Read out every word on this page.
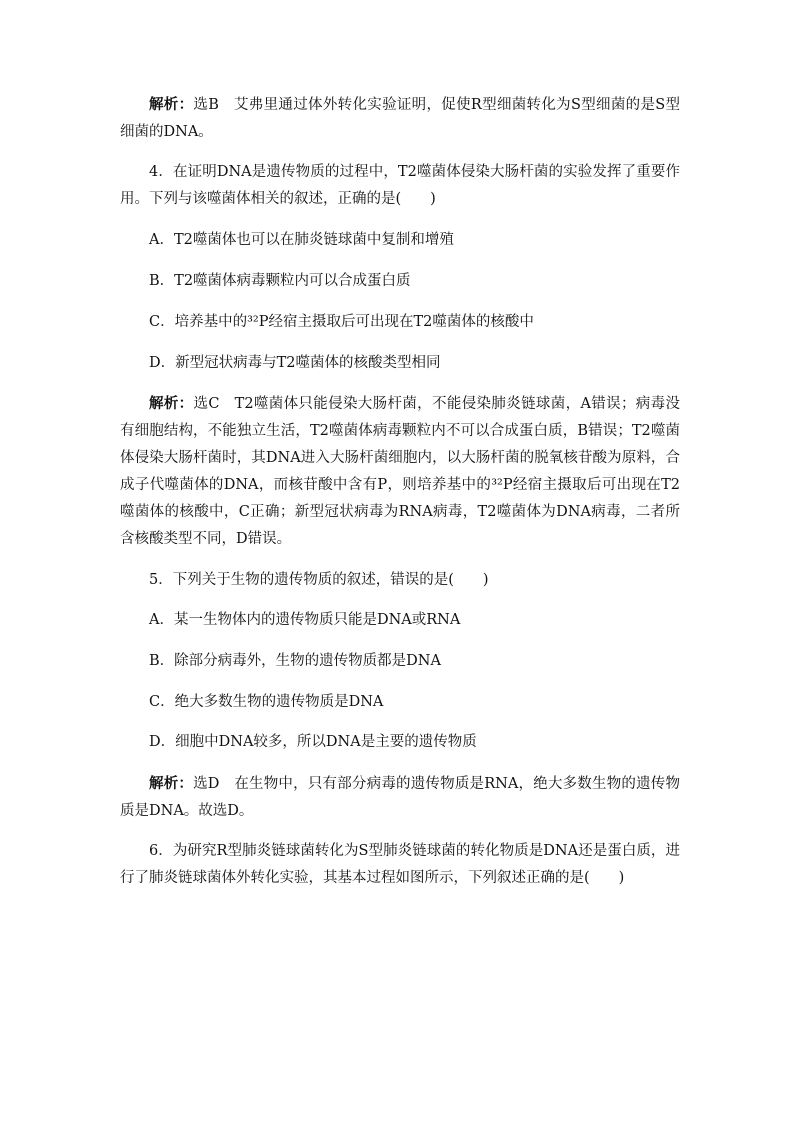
解析：选B　艾弗里通过体外转化实验证明，促使R型细菌转化为S型细菌的是S型细菌的DNA。

4．在证明DNA是遗传物质的过程中，T2噬菌体侵染大肠杆菌的实验发挥了重要作用。下列与该噬菌体相关的叙述，正确的是(　　)

A．T2噬菌体也可以在肺炎链球菌中复制和增殖

B．T2噬菌体病毒颗粒内可以合成蛋白质

C．培养基中的³²P经宿主摄取后可出现在T2噬菌体的核酸中

D．新型冠状病毒与T2噬菌体的核酸类型相同

解析：选C　T2噬菌体只能侵染大肠杆菌，不能侵染肺炎链球菌，A错误；病毒没有细胞结构，不能独立生活，T2噬菌体病毒颗粒内不可以合成蛋白质，B错误；T2噬菌体侵染大肠杆菌时，其DNA进入大肠杆菌细胞内，以大肠杆菌的脱氧核苷酸为原料，合成子代噬菌体的DNA，而核苷酸中含有P，则培养基中的³²P经宿主摄取后可出现在T2噬菌体的核酸中，C正确；新型冠状病毒为RNA病毒，T2噬菌体为DNA病毒，二者所含核酸类型不同，D错误。

5．下列关于生物的遗传物质的叙述，错误的是(　　)

A．某一生物体内的遗传物质只能是DNA或RNA

B．除部分病毒外，生物的遗传物质都是DNA

C．绝大多数生物的遗传物质是DNA

D．细胞中DNA较多，所以DNA是主要的遗传物质

解析：选D　在生物中，只有部分病毒的遗传物质是RNA，绝大多数生物的遗传物质是DNA。故选D。

6．为研究R型肺炎链球菌转化为S型肺炎链球菌的转化物质是DNA还是蛋白质，进行了肺炎链球菌体外转化实验，其基本过程如图所示，下列叙述正确的是(　　)
